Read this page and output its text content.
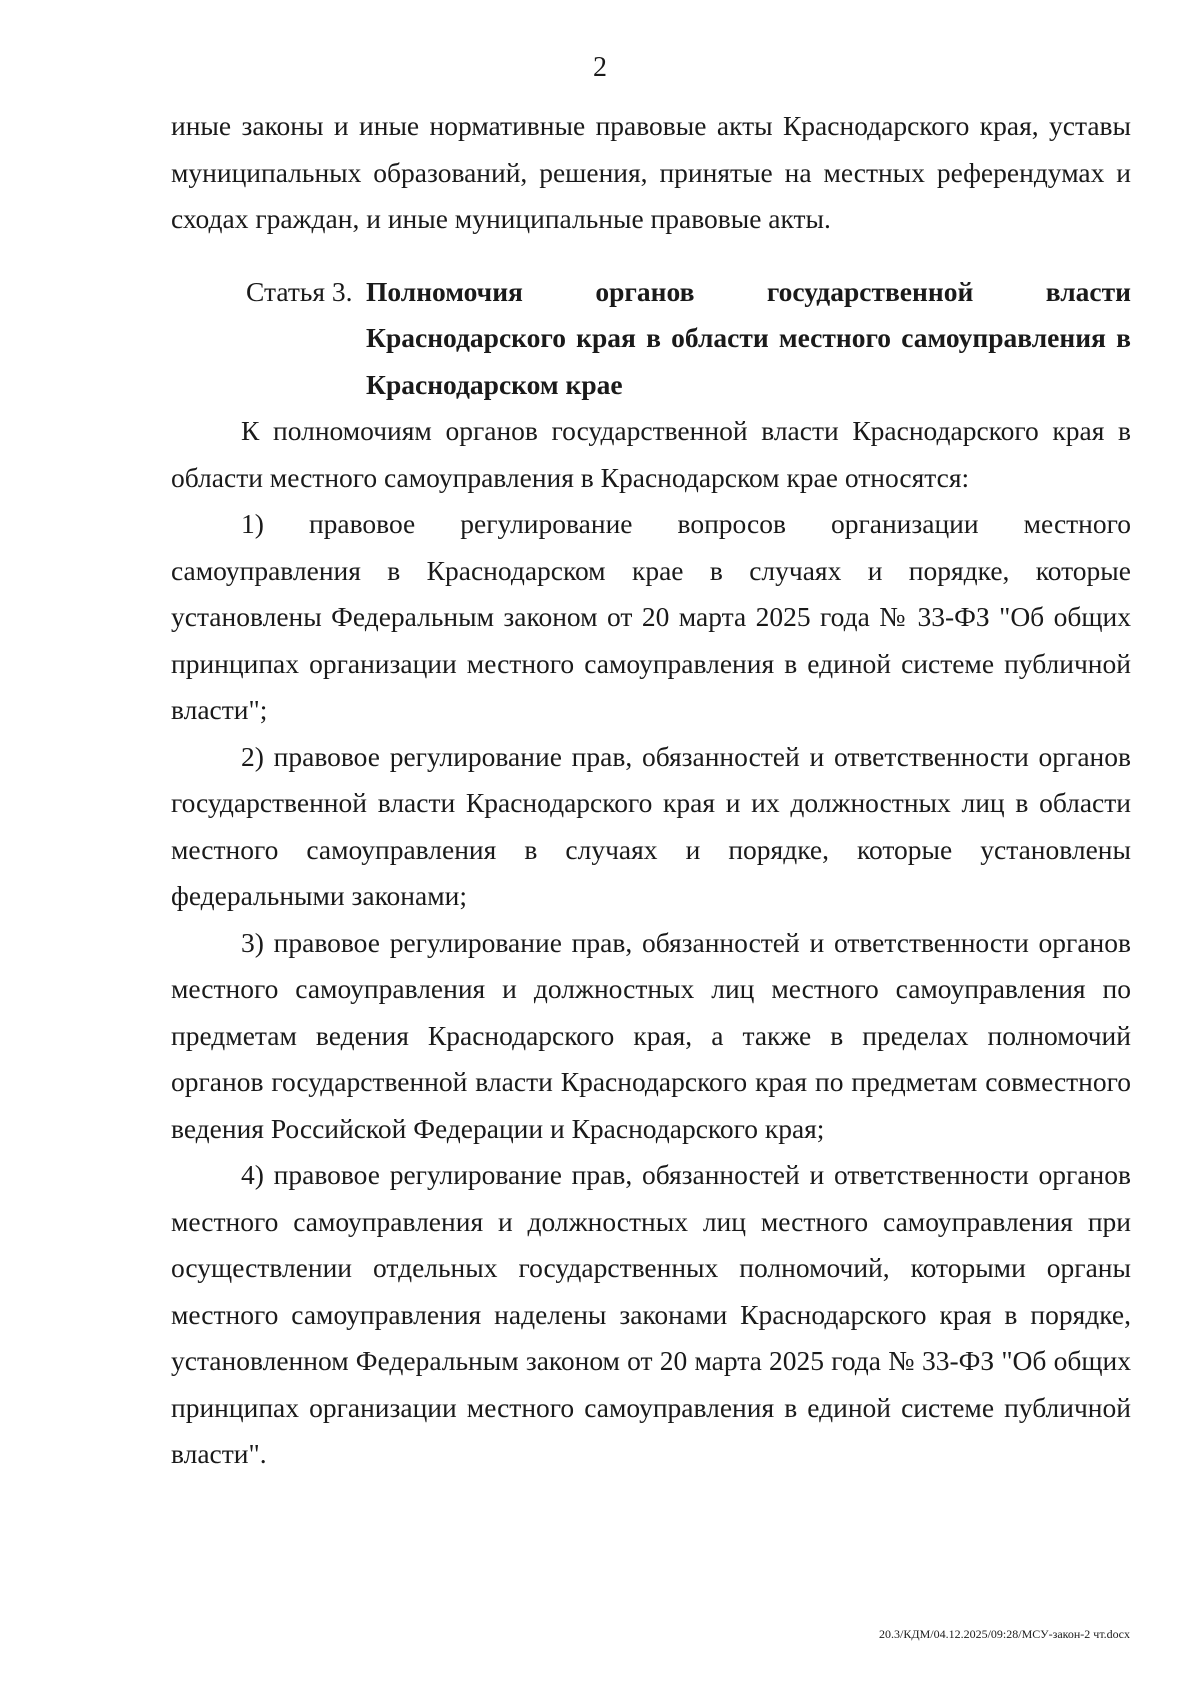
2

иные законы и иные нормативные правовые акты Краснодарского края, уставы муниципальных образований, решения, принятые на местных референдумах и сходах граждан, и иные муниципальные правовые акты.

Статья 3. Полномочия органов государственной власти Краснодарского края в области местного самоуправления в Краснодарском крае

К полномочиям органов государственной власти Краснодарского края в области местного самоуправления в Краснодарском крае относятся:

1) правовое регулирование вопросов организации местного самоуправления в Краснодарском крае в случаях и порядке, которые установлены Федеральным законом от 20 марта 2025 года № 33-ФЗ "Об общих принципах организации местного самоуправления в единой системе публичной власти";

2) правовое регулирование прав, обязанностей и ответственности органов государственной власти Краснодарского края и их должностных лиц в области местного самоуправления в случаях и порядке, которые установлены федеральными законами;

3) правовое регулирование прав, обязанностей и ответственности органов местного самоуправления и должностных лиц местного самоуправления по предметам ведения Краснодарского края, а также в пределах полномочий органов государственной власти Краснодарского края по предметам совместного ведения Российской Федерации и Краснодарского края;

4) правовое регулирование прав, обязанностей и ответственности органов местного самоуправления и должностных лиц местного самоуправления при осуществлении отдельных государственных полномочий, которыми органы местного самоуправления наделены законами Краснодарского края в порядке, установленном Федеральным законом от 20 марта 2025 года № 33-ФЗ "Об общих принципах организации местного самоуправления в единой системе публичной власти".

20.3/КДМ/04.12.2025/09:28/МСУ-закон-2 чт.docx
